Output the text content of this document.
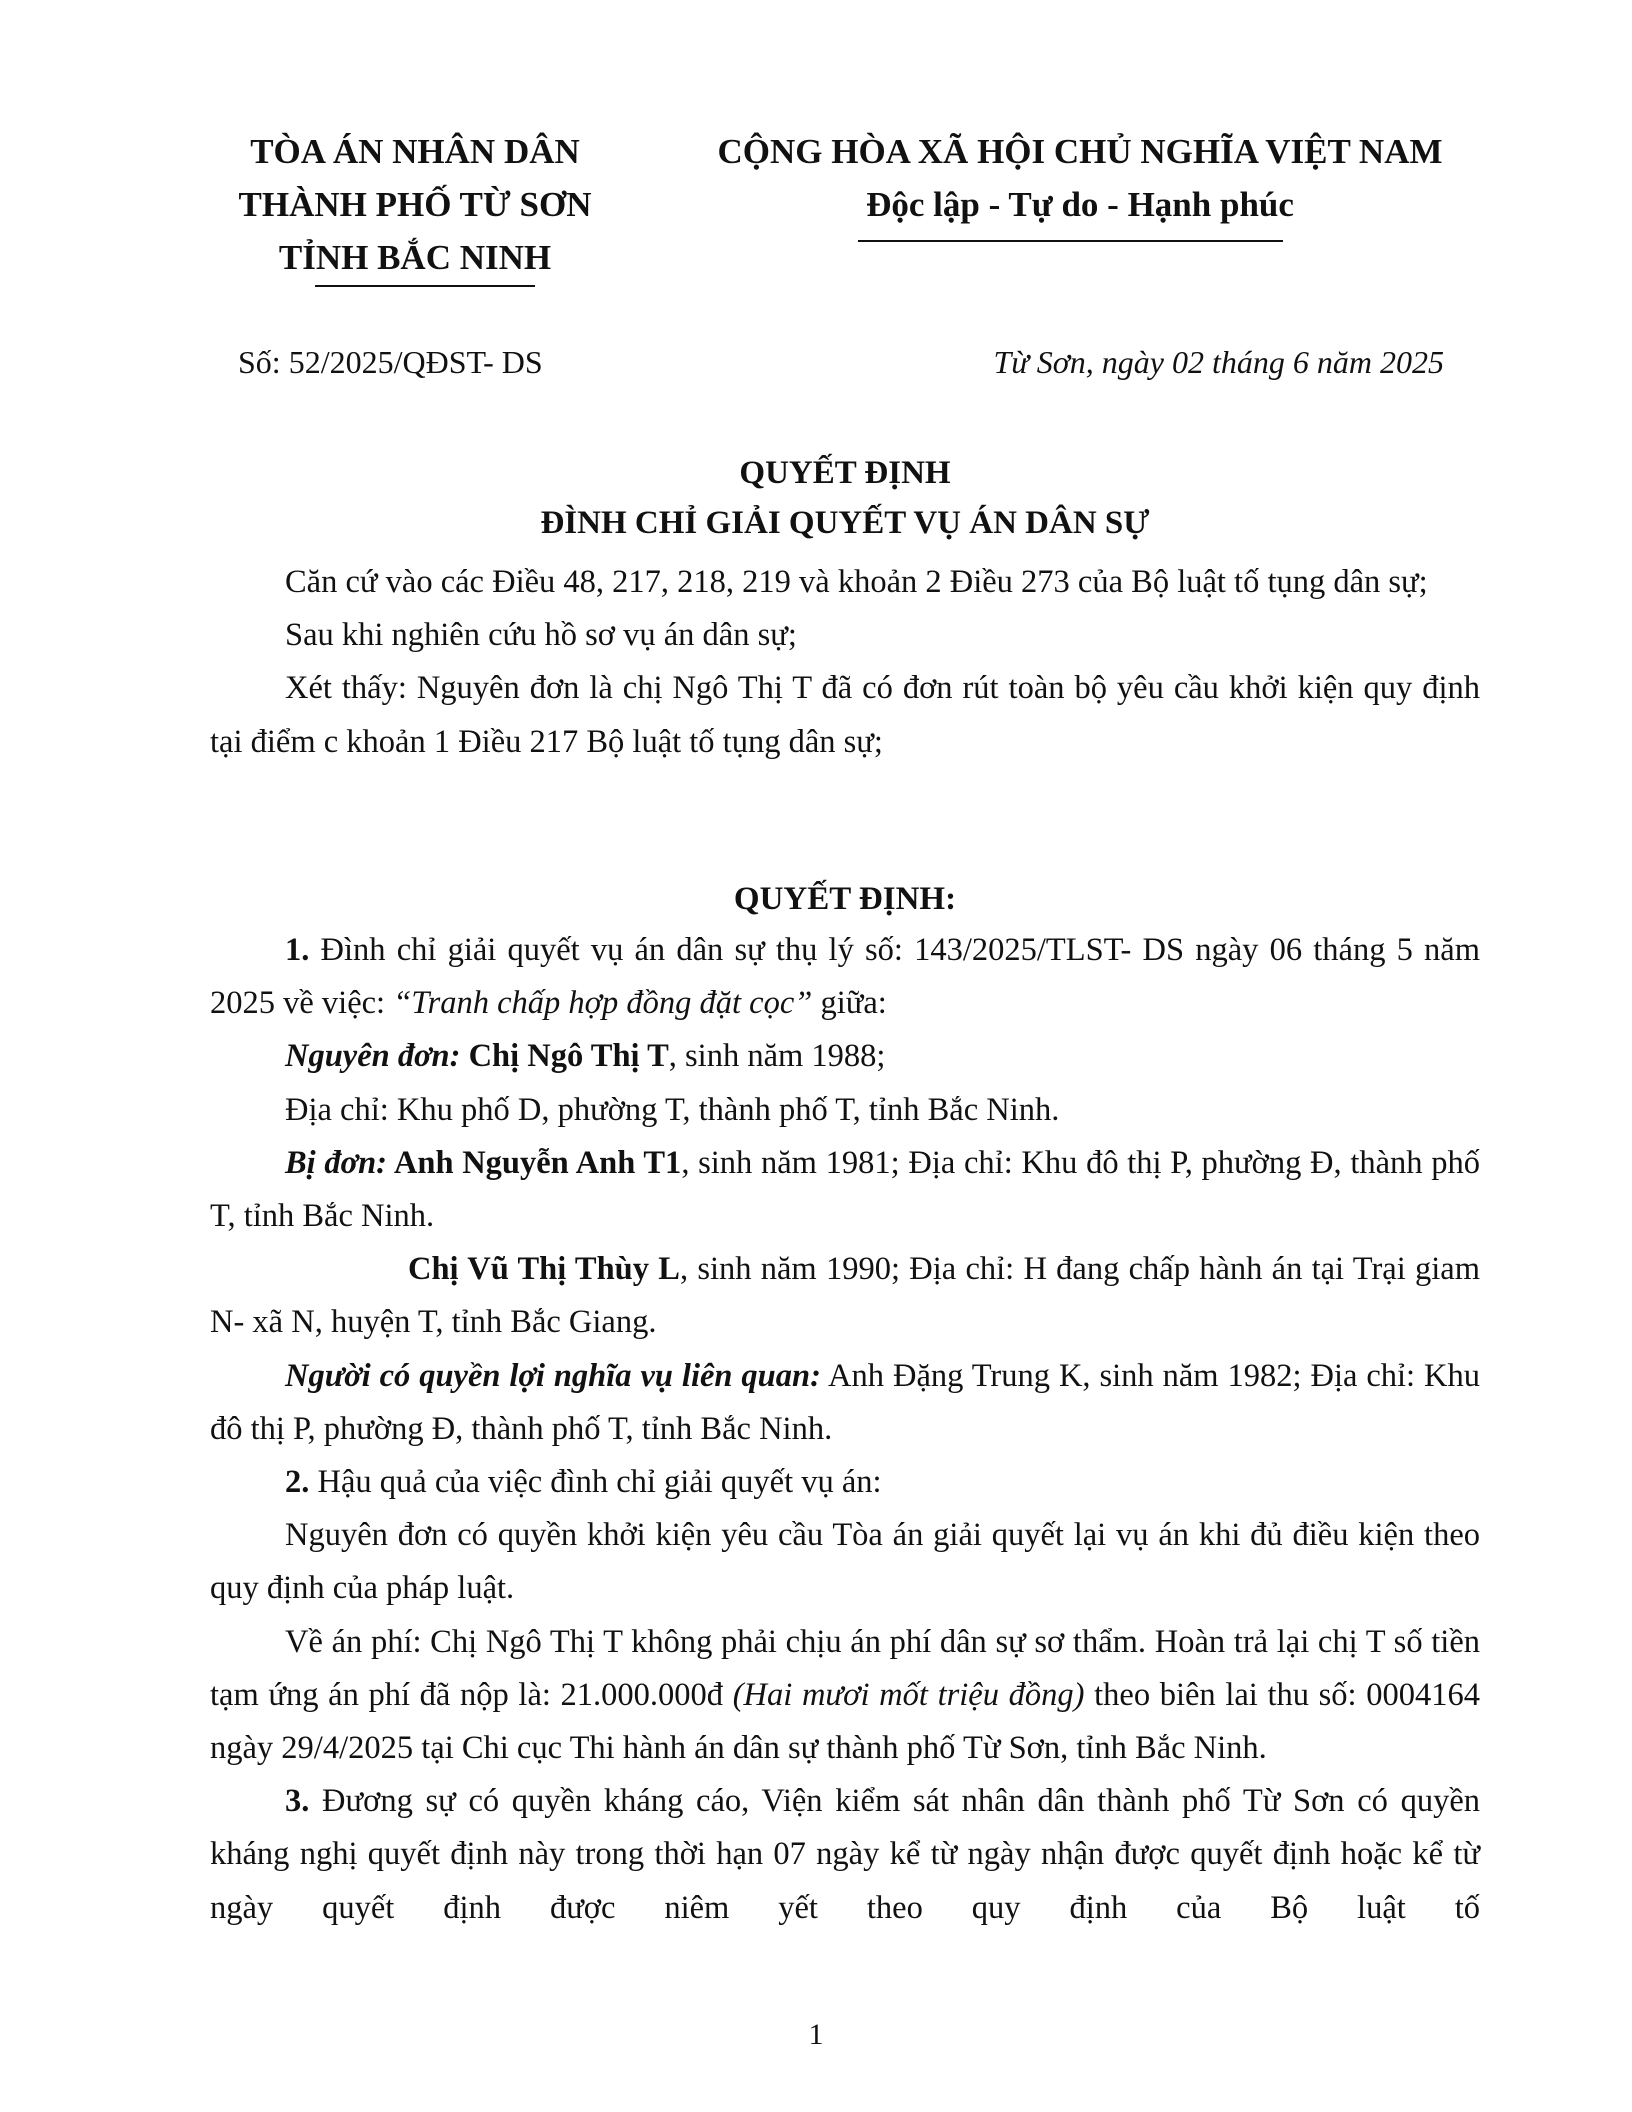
TÒA ÁN NHÂN DÂN
THÀNH PHỐ TỪ SƠN
TỈNH BẮC NINH
CỘNG HÒA XÃ HỘI CHỦ NGHĨA VIỆT NAM
Độc lập - Tự do - Hạnh phúc
Số: 52/2025/QĐST- DS	Từ Sơn, ngày 02 tháng 6 năm 2025
QUYẾT ĐỊNH
ĐÌNH CHỈ GIẢI QUYẾT VỤ ÁN DÂN SỰ

Căn cứ vào các Điều 48, 217, 218, 219 và khoản 2 Điều 273 của Bộ luật tố tụng dân sự;

Sau khi nghiên cứu hồ sơ vụ án dân sự;

Xét thấy: Nguyên đơn là chị Ngô Thị T đã có đơn rút toàn bộ yêu cầu khởi kiện quy định tại điểm c khoản 1 Điều 217 Bộ luật tố tụng dân sự;

QUYẾT ĐỊNH:

1. Đình chỉ giải quyết vụ án dân sự thụ lý số: 143/2025/TLST- DS ngày 06 tháng 5 năm 2025 về việc: “Tranh chấp hợp đồng đặt cọc” giữa:

Nguyên đơn: Chị Ngô Thị T, sinh năm 1988;

Địa chỉ: Khu phố D, phường T, thành phố T, tỉnh Bắc Ninh.

Bị đơn: Anh Nguyễn Anh T1, sinh năm 1981; Địa chỉ: Khu đô thị P, phường Đ, thành phố T, tỉnh Bắc Ninh.

Chị Vũ Thị Thùy L, sinh năm 1990; Địa chỉ: H đang chấp hành án tại Trại giam N- xã N, huyện T, tỉnh Bắc Giang.

Người có quyền lợi nghĩa vụ liên quan: Anh Đặng Trung K, sinh năm 1982; Địa chỉ: Khu đô thị P, phường Đ, thành phố T, tỉnh Bắc Ninh.

2. Hậu quả của việc đình chỉ giải quyết vụ án:

Nguyên đơn có quyền khởi kiện yêu cầu Tòa án giải quyết lại vụ án khi đủ điều kiện theo quy định của pháp luật.

Về án phí: Chị Ngô Thị T không phải chịu án phí dân sự sơ thẩm. Hoàn trả lại chị T số tiền tạm ứng án phí đã nộp là: 21.000.000đ (Hai mươi mốt triệu đồng) theo biên lai thu số: 0004164 ngày 29/4/2025 tại Chi cục Thi hành án dân sự thành phố Từ Sơn, tỉnh Bắc Ninh.

3. Đương sự có quyền kháng cáo, Viện kiểm sát nhân dân thành phố Từ Sơn có quyền kháng nghị quyết định này trong thời hạn 07 ngày kể từ ngày nhận được quyết định hoặc kể từ ngày quyết định được niêm yết theo quy định của Bộ luật tố

1
